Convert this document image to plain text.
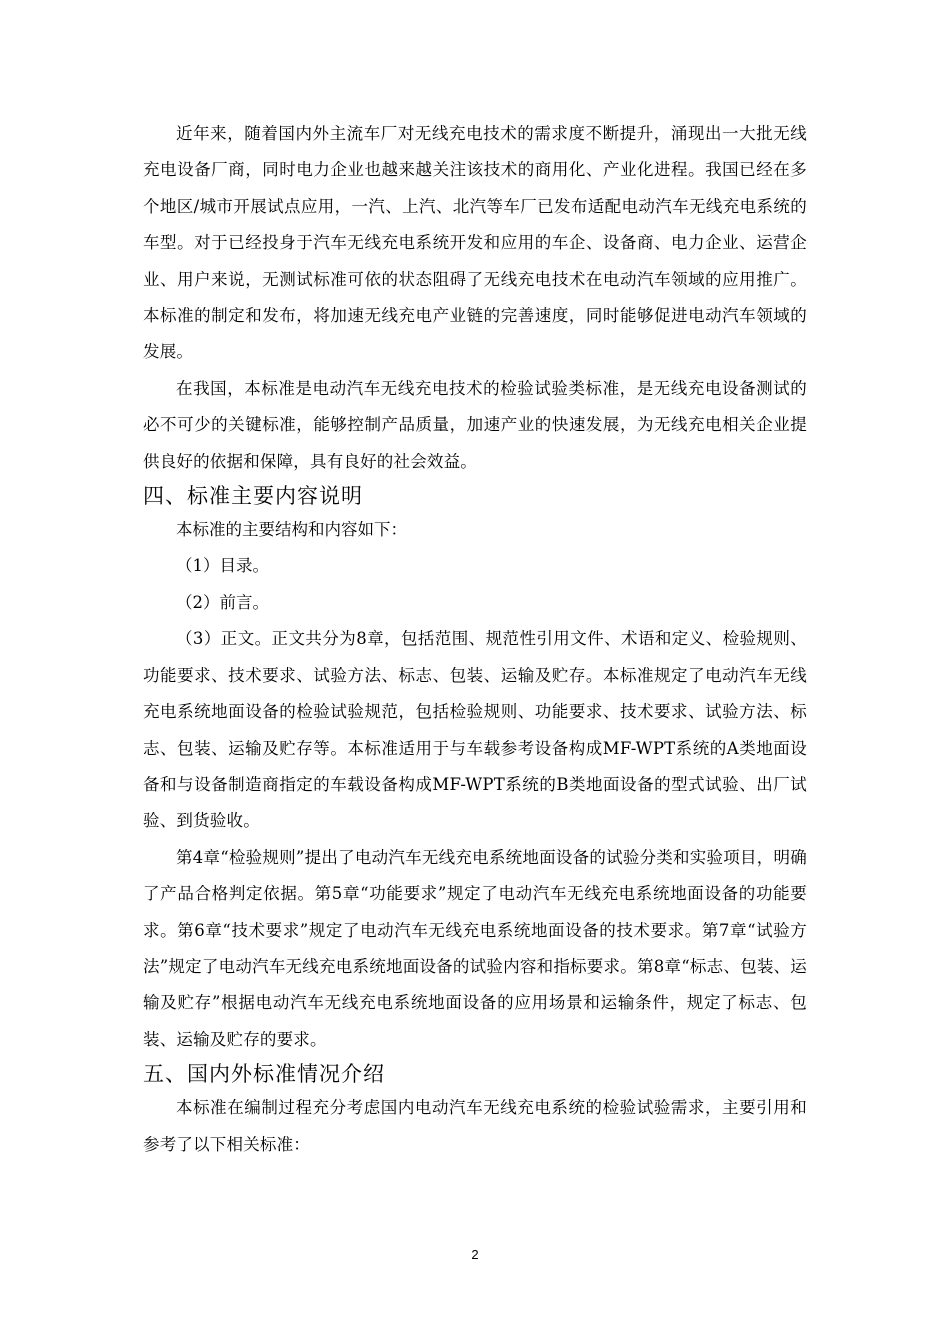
近年来，随着国内外主流车厂对无线充电技术的需求度不断提升，涌现出一大批无线充电设备厂商，同时电力企业也越来越关注该技术的商用化、产业化进程。我国已经在多个地区/城市开展试点应用，一汽、上汽、北汽等车厂已发布适配电动汽车无线充电系统的车型。对于已经投身于汽车无线充电系统开发和应用的车企、设备商、电力企业、运营企业、用户来说，无测试标准可依的状态阻碍了无线充电技术在电动汽车领域的应用推广。本标准的制定和发布，将加速无线充电产业链的完善速度，同时能够促进电动汽车领域的发展。

在我国，本标准是电动汽车无线充电技术的检验试验类标准，是无线充电设备测试的必不可少的关键标准，能够控制产品质量，加速产业的快速发展，为无线充电相关企业提供良好的依据和保障，具有良好的社会效益。

四、标准主要内容说明

本标准的主要结构和内容如下：

（1）目录。

（2）前言。

（3）正文。正文共分为8章，包括范围、规范性引用文件、术语和定义、检验规则、功能要求、技术要求、试验方法、标志、包装、运输及贮存。本标准规定了电动汽车无线充电系统地面设备的检验试验规范，包括检验规则、功能要求、技术要求、试验方法、标志、包装、运输及贮存等。本标准适用于与车载参考设备构成MF-WPT系统的A类地面设备和与设备制造商指定的车载设备构成MF-WPT系统的B类地面设备的型式试验、出厂试验、到货验收。

第4章“检验规则”提出了电动汽车无线充电系统地面设备的试验分类和实验项目，明确了产品合格判定依据。第5章“功能要求”规定了电动汽车无线充电系统地面设备的功能要求。第6章“技术要求”规定了电动汽车无线充电系统地面设备的技术要求。第7章“试验方法”规定了电动汽车无线充电系统地面设备的试验内容和指标要求。第8章“标志、包装、运输及贮存”根据电动汽车无线充电系统地面设备的应用场景和运输条件，规定了标志、包装、运输及贮存的要求。

五、国内外标准情况介绍

本标准在编制过程充分考虑国内电动汽车无线充电系统的检验试验需求，主要引用和参考了以下相关标准：

2
